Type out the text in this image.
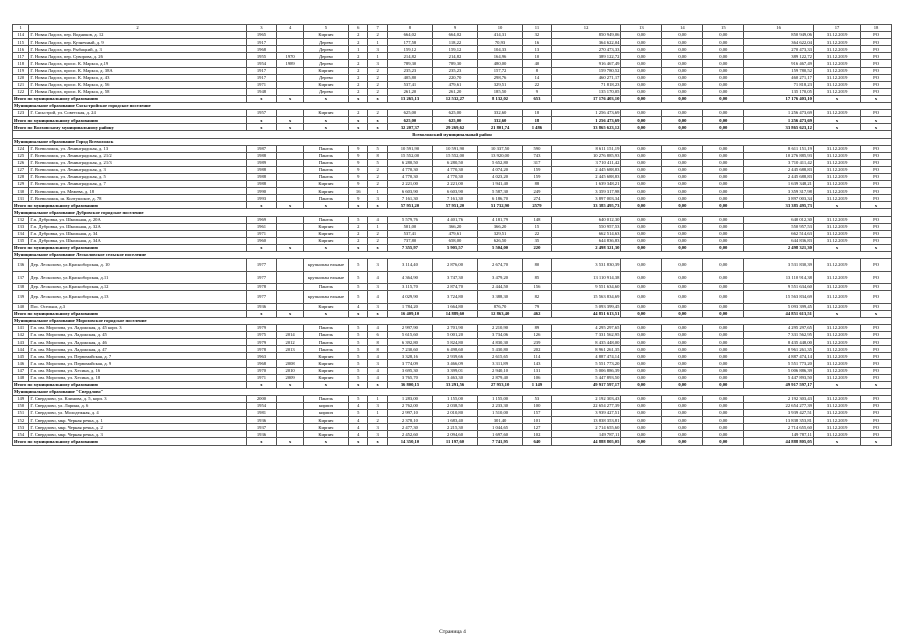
1	2	3	4	5	6	7	8	9	10	11	12	13	14	15	16	17	18
114	Г. Новая Ладога, пер. Водников, д. 12	1965		Кирпич	2	2	664,02	664,02	414,31	32	850 949,06	0,00	0,00	0,00	850 949,06	31.12.2019	РО
115	Г. Новая Ладога, пер. Кузнечный, д. 9	1917		Дерево	2	1	177,58	118,22	70,93	16	364 622,04	0,00	0,00	0,00	364 622,04	31.12.2019	РО
116	Г. Новая Ладога, пер. Рыбацкий, д. 3	1968		Дерево	1	3	159,12	159,12	104,33	13	270 473,33	0,00	0,00	0,00	270 473,33	31.12.2019	РО
117	Г. Новая Ладога, пер. Суворова, д. 26	1955	1970	Дерево	2	1	214,82	214,82	164,96	10	389 122,72	0,00	0,00	0,00	389 122,72	31.12.2019	РО
118	Г. Новая Ладога, просп. К. Маркса, д.19	1954	1989	Дерево	2	3	789,30	789,30	480,00	40	916 467,49	0,00	0,00	0,00	916 467,49	31.12.2019	РО
119	Г. Новая Ладога, просп. К. Маркса, д. 38А	1917		Кирпич	2	2	235,23	235,23	157,72	8	159 780,52	0,00	0,00	0,00	159 780,52	31.12.2019	РО
120	Г. Новая Ладога, просп. К. Маркса, д. 43	1917		Дерево	2	2	405,80	220,70	298,76	14	460 271,17	0,00	0,00	0,00	460 271,17	31.12.2019	РО
121	Г. Новая Ладога, просп. К. Маркса, д. 56	1971		Кирпич	2	2	537,41	479,61	329,51	22	71 818,23	0,00	0,00	0,00	71 818,23	31.12.2019	РО
122	Г. Новая Ладога, просп. К. Маркса, д. 58	1948		Дерево	2	2	261,20	261,20	185,50	9	135 170,05	0,00	0,00	0,00	135 170,05	31.12.2019	РО
Итого по муниципальному образованию		х	х	х	х	х	13 265,13	12 532,27	8 132,02	653	17 176 403,10	0,00	0,00	0,00	17 176 403,10	х	х
Муниципальное образование Сясьстройское городское поселение																	
123	Г. Сясьстрой, ул. Советская, д. 24	1957		Кирпич	2	2	625,00	625,00	332,60	18	1 256 473,69	0,00	0,00	0,00	1 256 473,69	31.12.2019	РО
Итого по муниципальному образованию		х	х	х	х	х	625,00	625,00	332,60	18	1 256 473,69	0,00	0,00	0,00	1 256 473,69	х	х
Итого по Волховскому муниципальному району		х	х	х	х	х	32 207,37	29 269,62	21 801,74	1 486	33 865 623,12	0,00	0,00	0,00	33 865 623,12	х	х
Всеволожский муниципальный район																	
Муниципальное образование Город Всеволожск																	
124	Г. Всеволожск, ул. Ленинградская, д. 13	1987		Панель	9	5	10 591,90	10 591,90	10 337,50	590	8 611 151,19	0,00	0,00	0,00	8 611 151,19	31.12.2019	РО
125	Г. Всеволожск, ул. Ленинградская, д. 21/2	1988		Панель	9	8	15 552,00	15 552,00	13 920,00	743	10 276 885,93	0,00	0,00	0,00	10 276 885,93	31.12.2019	РО
126	Г. Всеволожск, ул. Ленинградская, д. 21/3	1989		Панель	9	5	6 280,50	6 280,50	5 652,80	317	3 710 411,42	0,00	0,00	0,00	3 710 411,42	31.12.2019	РО
127	Г. Всеволожск, ул. Ленинградская, д. 3	1988		Панель	9	2	4 770,30	4 770,30	4 074,20	159	2 445 688,83	0,00	0,00	0,00	2 445 688,83	31.12.2019	РО
128	Г. Всеволожск, ул. Ленинградская, д. 5	1988		Панель	9	2	4 770,30	4 770,30	4 023,20	159	2 445 688,83	0,00	0,00	0,00	2 445 688,83	31.12.2019	РО
129	Г. Всеволожск, ул. Ленинградская, д. 7	1988		Кирпич	9	2	2 221,00	2 221,00	1 941,40	88	1 639 348,21	0,00	0,00	0,00	1 639 348,21	31.12.2019	РО
130	Г. Всеволожск, ул. Межева, д. 18	1990		Кирпич	16	1	6 603,90	6 603,90	5 587,30	249	3 359 317,98	0,00	0,00	0,00	3 359 317,98	31.12.2019	РО
131	Г. Всеволожск, ш. Колтушское, д. 78	1993		Панель	9	3	7 161,30	7 161,30	6 186,70	274	3 897 003,34	0,00	0,00	0,00	3 897 003,34	31.12.2019	РО
Итого по муниципальному образованию		х	х	х	х	х	57 951,20	57 951,20	51 732,90	2579	33 385 495,73	0,00	0,00	0,00	33 385 495,73	х	х
Муниципальное образование Дубровское городское поселение																	
132	Г.п. Дубровка, ул. Школьная, д. 20А	1969		Панель	5	4	5 579,76	4 401,76	4 181,79	148	640 012,30	0,00	0,00	0,00	640 012,30	31.12.2019	РО
133	Г.п. Дубровка, ул. Школьная, д. 32А	1961		Кирпич	2	1	501,00	366,20	366,20	15	550 957,53	0,00	0,00	0,00	550 957,53	31.12.2019	РО
134	Г.п. Дубровка, ул. Школьная, д. 34	1971		Кирпич	2	2	537,41	479,61	329,51	22	662 514,63	0,00	0,00	0,00	662 514,63	31.12.2019	РО
135	Г.п. Дубровка, ул. Школьная, д. 34А	1960		Кирпич	2	2	737,80	658,00	626,50	35	644 836,83	0,00	0,00	0,00	644 836,83	31.12.2019	РО
Итого по муниципальному образованию		х	х	х	х	х	7 355,97	5 905,57	5 504,00	220	2 498 321,30	0,00	0,00	0,00	2 498 321,30	х	х
Муниципальное образование Лесколовское сельское поселение																	
136	Дер. Лесколово, ул.Красноборская, д. 10	1977		крупнопан ельные	5	3	3 114,40	2 876,00	2 674,70	80	3 531 830,39	0,00	0,00	0,00	3 531 830,39	31.12.2019	РО
137	Дер. Лесколово, ул.Красноборская, д.11	1977		крупнопан ельные	5	4	4 364,90	3 747,30	3 479,20	85	13 110 914,38	0,00	0,00	0,00	13 110 914,38	31.12.2019	РО
138	Дер. Лесколово, ул.Красноборская, д.12	1978		Панель	5	3	3 115,70	2 874,70	2 444,50	156	9 551 634,60	0,00	0,00	0,00	9 551 634,60	31.12.2019	РО
139	Дер. Лесколово, ул.Красноборская, д.13	1977		крупнопан ельные	5	4	4 029,90	3 724,80	3 388,30	82	15 563 834,69	0,00	0,00	0,00	15 563 834,69	31.12.2019	РО
140	Пос. Осельки, д.3	1936		Кирпич	4	3	1 784,20	1 664,80	876,70	79	5 093 399,45	0,00	0,00	0,00	5 093 399,45	31.12.2019	РО
Итого по муниципальному образованию		х	х	х	х	х	16 409,10	14 889,60	12 863,40	462	44 851 613,51	0,00	0,00	0,00	44 851 613,51	х	х
Муниципальное образование Морозовское городское поселение																	
141	Г.п. им. Морозова, ул. Ладожская, д. 45 корп. 3	1979		Панель	5	4	2 997,90	2 701,90	2 210,90	89	4 295 297,65	0,00	0,00	0,00	4 295 297,65	31.12.2019	РО
142	Г.п. им. Морозова, ул. Ладожская, д. 45	1975	2014	Панель	5	6	5 615,60	5 001,20	3 734,06	126	7 331 562,95	0,00	0,00	0,00	7 331 562,95	31.12.2019	РО
143	Г.п. им. Морозова, ул. Ладожская, д. 46	1979	2012	Панель	5	8	6 392,80	5 824,80	4 830,30	239	8 435 448,00	0,00	0,00	0,00	8 435 448,00	31.12.2019	РО
144	Г.п. им. Морозова, ул. Ладожская, д. 47	1978	2013	Панель	5	8	7 230,60	6 498,60	5 430,80	202	8 961 261,35	0,00	0,00	0,00	8 961 261,35	31.12.2019	РО
145	Г.п. им. Морозова, ул. Первомайская, д. 7	1963		Кирпич	5	4	3 328,16	2 939,66	2 615,65	114	4 887 474,14	0,00	0,00	0,00	4 887 474,14	31.12.2019	РО
146	Г.п. им. Морозова, ул. Первомайская, д. 9	1968	2008	Кирпич	5	3	3 774,09	3 466,09	3 311,89	143	5 551 773,20	0,00	0,00	0,00	5 551 773,20	31.12.2019	РО
147	Г.п. им. Морозова, ул. Хесина, д. 16	1970	2010	Кирпич	5	4	3 695,30	3 399,01	2 940,10	131	5 006 886,39	0,00	0,00	0,00	5 006 886,39	31.12.2019	РО
148	Г.п. им. Морозова, ул. Хесина, д. 18	1971	2009	Кирпич	5	4	3 765,70	3 463,30	2 879,40	106	5 447 893,50	0,00	0,00	0,00	5 447 893,50	31.12.2019	РО
Итого по муниципальному образованию		х	х	х	х	х	36 800,15	33 291,56	27 953,10	1 149	49 917 597,17	0,00	0,00	0,00	49 917 597,17	х	х
Муниципальное образование "Свердлово"																	
149	Г. Свердлово, ул. Клинова, д. 5, корп. 3	2000		Панель	5	1	1 283,00	1 155,00	1 155,00	53	2 192 303,43	0,00	0,00	0,00	2 192 303,43	31.12.2019	РО
150	Г. Свердлово, ул. Ларина, д. 6	1954		кирпич	4	3	2 762,00	2 038,50	2 233,30	100	22 654 277,39	0,00	0,00	0,00	22 654 277,39	31.12.2019	РО
151	Г. Свердлово, ул. Молодежная, д. 4	1981		кирпич	5	1	2 997,10	2 010,80	1 510,00	157	3 939 427,51	0,00	0,00	0,00	3 939 427,51	31.12.2019	РО
152	Г. Свердлово, мкр. Черная речка, д. 1	1936		Кирпич	4	2	2 378,10	1 683,40	301,40	101	13 838 353,81	0,00	0,00	0,00	13 838 353,81	31.12.2019	РО
153	Г. Свердлово, мкр. Черная речка, д. 2	1937		Кирпич	4	3	2 477,30	2 215,30	1 044,65	127	2 714 655,60	0,00	0,00	0,00	2 714 655,60	31.12.2019	РО
154	Г. Свердлово, мкр. Черная речка, д. 3	1936		Кирпич	4	3	2 452,60	2 094,60	1 697,60	102	149 787,11	0,00	0,00	0,00	149 787,11	31.12.2019	РО
Итого по муниципальному образованию		х	х	х	х	х	14 350,10	11 197,60	7 741,95	640	44 888 805,05	0,00	0,00	0,00	44 888 805,05	х	х
Страница 4
